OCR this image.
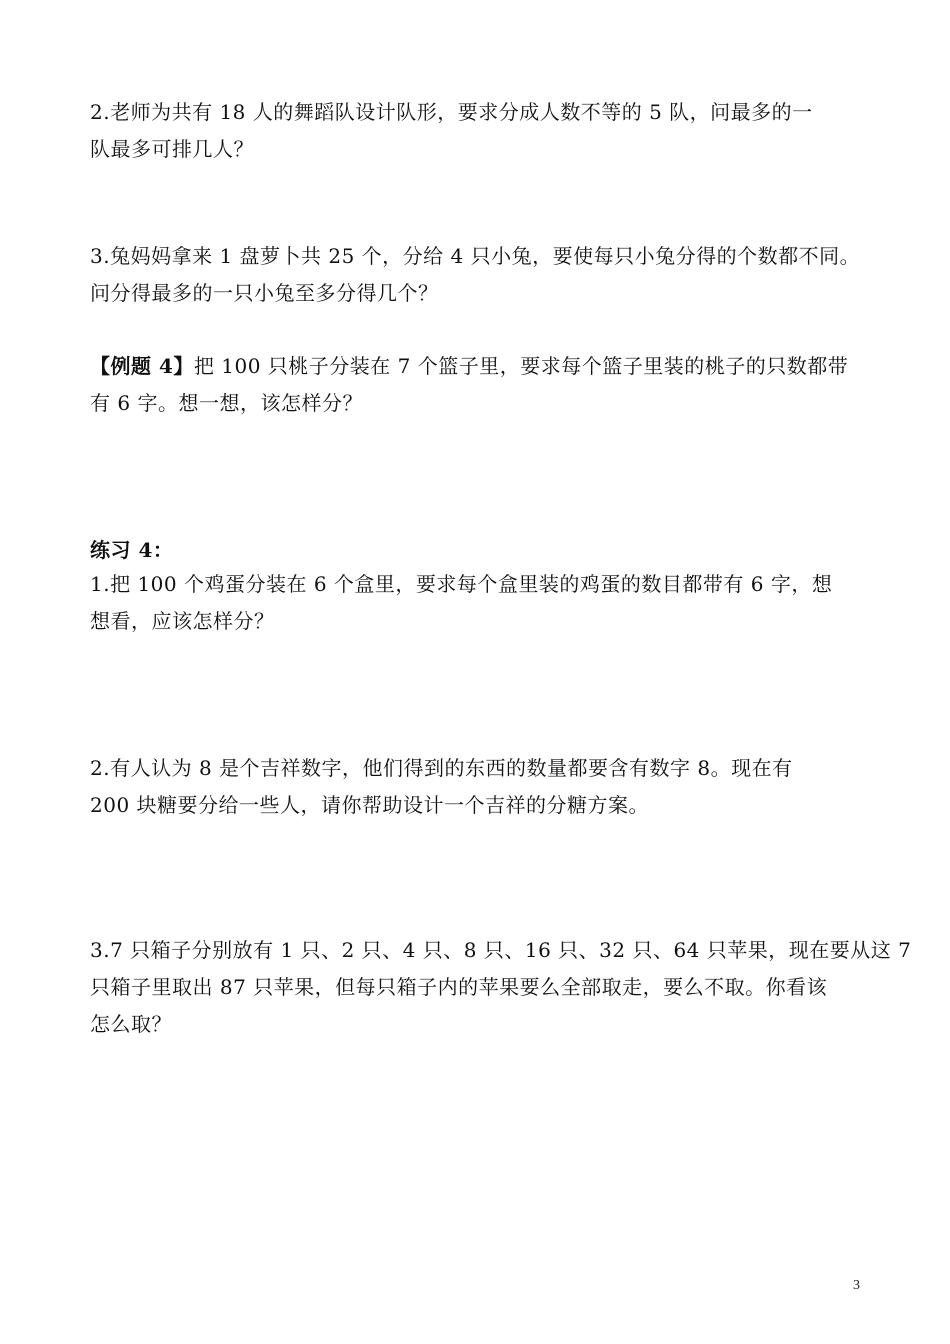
2.老师为共有 18 人的舞蹈队设计队形，要求分成人数不等的 5 队，问最多的一
队最多可排几人？
3.兔妈妈拿来 1 盘萝卜共 25 个，分给 4 只小兔，要使每只小兔分得的个数都不同。
问分得最多的一只小兔至多分得几个？
【例题 4】把 100 只桃子分装在 7 个篮子里，要求每个篮子里装的桃子的只数都带
有 6 字。想一想，该怎样分？
练习 4：
1.把 100 个鸡蛋分装在 6 个盒里，要求每个盒里装的鸡蛋的数目都带有 6 字，想
想看，应该怎样分？
2.有人认为 8 是个吉祥数字，他们得到的东西的数量都要含有数字 8。现在有
200 块糖要分给一些人，请你帮助设计一个吉祥的分糖方案。
3.7 只箱子分别放有 1 只、2 只、4 只、8 只、16 只、32 只、64 只苹果，现在要从这 7
只箱子里取出 87 只苹果，但每只箱子内的苹果要么全部取走，要么不取。你看该
怎么取？
3
